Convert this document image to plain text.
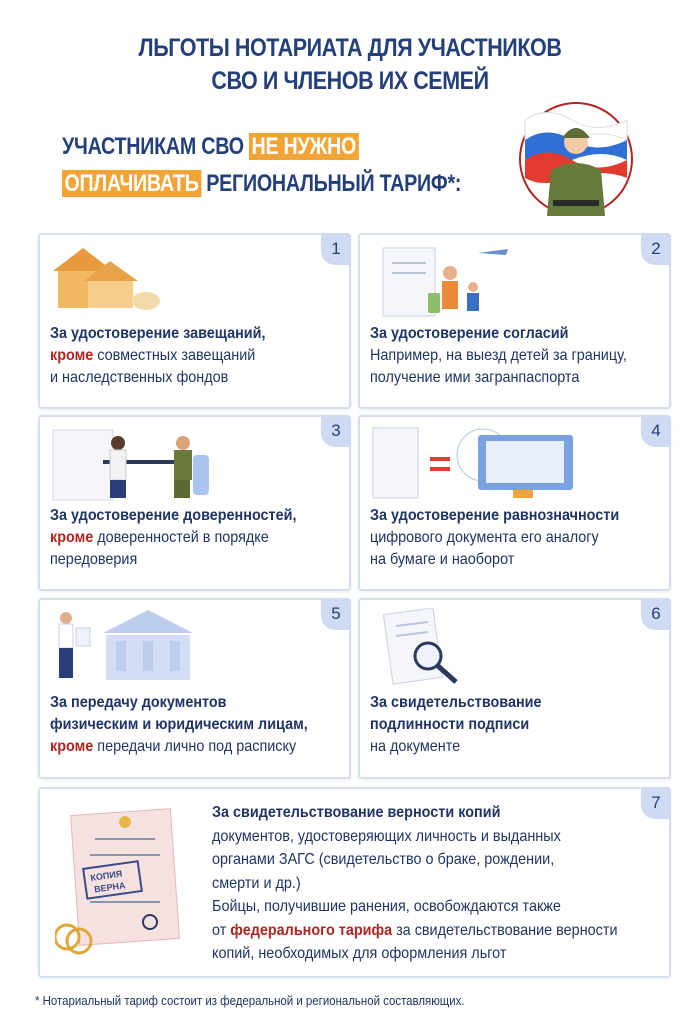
ЛЬГОТЫ НОТАРИАТА ДЛЯ УЧАСТНИКОВ
СВО И ЧЛЕНОВ ИХ СЕМЕЙ
УЧАСТНИКАМ СВО НЕ НУЖНО
ОПЛАЧИВАТЬ РЕГИОНАЛЬНЫЙ ТАРИФ*:
1
За удостоверение завещаний,
кроме совместных завещаний
и наследственных фондов
2
За удостоверение согласий
Например, на выезд детей за границу,
получение ими загранпаспорта
3
За удостоверение доверенностей,
кроме доверенностей в порядке
передоверия
4
За удостоверение равнозначности
цифрового документа его аналогу
на бумаге и наоборот
5
За передачу документов
физическим и юридическим лицам,
кроме передачи лично под расписку
6
За свидетельствование
подлинности подписи
на документе
7
КОПИЯ
ВЕРНА
За свидетельствование верности копий
документов, удостоверяющих личность и выданных
органами ЗАГС (свидетельство о браке, рождении,
смерти и др.)
Бойцы, получившие ранения, освобождаются также
от федерального тарифа за свидетельствование верности
копий, необходимых для оформления льгот
* Нотариальный тариф состоит из федеральной и региональной составляющих.
